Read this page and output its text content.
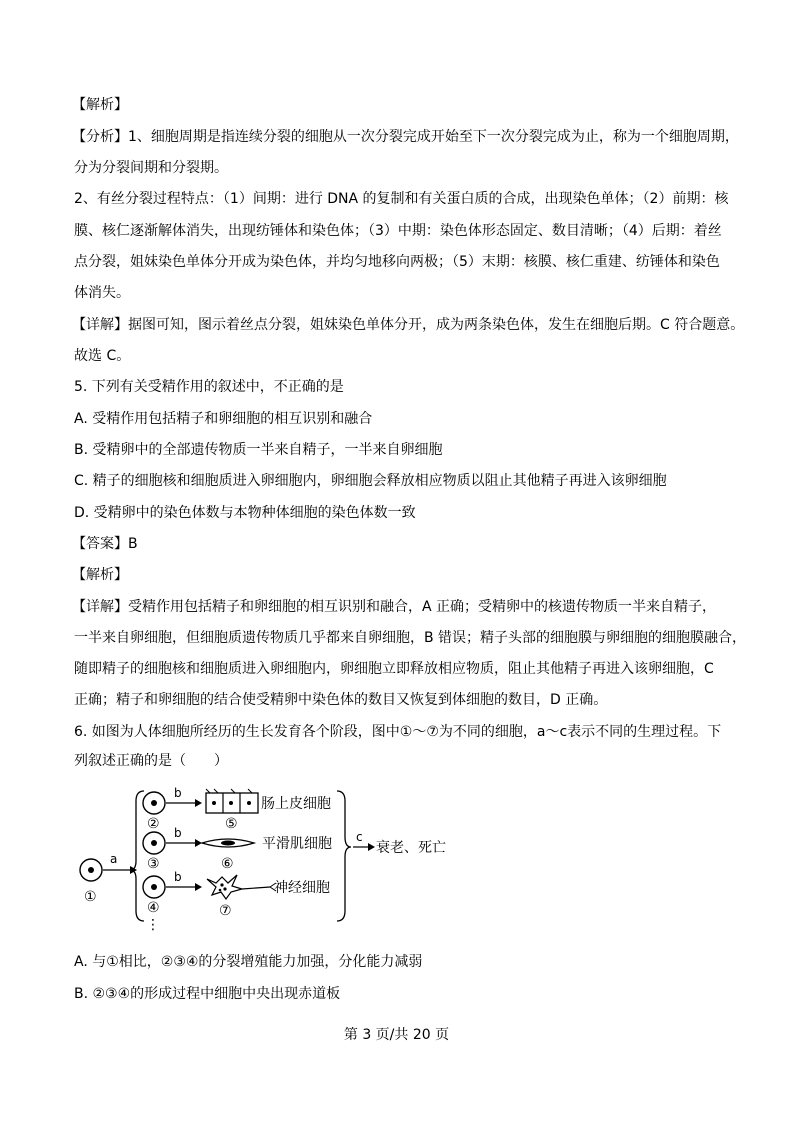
【解析】
【分析】1、细胞周期是指连续分裂的细胞从一次分裂完成开始至下一次分裂完成为止，称为一个细胞周期，
分为分裂间期和分裂期。
2、有丝分裂过程特点：（1）间期：进行 DNA 的复制和有关蛋白质的合成，出现染色单体；（2）前期：核
膜、核仁逐渐解体消失，出现纺锤体和染色体；（3）中期：染色体形态固定、数目清晰；（4）后期：着丝
点分裂，姐妹染色单体分开成为染色体，并均匀地移向两极；（5）末期：核膜、核仁重建、纺锤体和染色
体消失。
【详解】据图可知，图示着丝点分裂，姐妹染色单体分开，成为两条染色体，发生在细胞后期。C 符合题意。
故选 C。
5. 下列有关受精作用的叙述中，不正确的是
A. 受精作用包括精子和卵细胞的相互识别和融合
B. 受精卵中的全部遗传物质一半来自精子，一半来自卵细胞
C. 精子的细胞核和细胞质进入卵细胞内，卵细胞会释放相应物质以阻止其他精子再进入该卵细胞
D. 受精卵中的染色体数与本物种体细胞的染色体数一致
【答案】B
【解析】
【详解】受精作用包括精子和卵细胞的相互识别和融合，A 正确；受精卵中的核遗传物质一半来自精子，
一半来自卵细胞，但细胞质遗传物质几乎都来自卵细胞，B 错误；精子头部的细胞膜与卵细胞的细胞膜融合，
随即精子的细胞核和细胞质进入卵细胞内，卵细胞立即释放相应物质，阻止其他精子再进入该卵细胞，C
正确；精子和卵细胞的结合使受精卵中染色体的数目又恢复到体细胞的数目，D 正确。
6. 如图为人体细胞所经历的生长发育各个阶段，图中①～⑦为不同的细胞，a～c表示不同的生理过程。下
列叙述正确的是（　　）
①
a
②
b
肠上皮细胞
⑤
③
b
平滑肌细胞
⑥
④
b
神经细胞
⑦
⋮
c
衰老、死亡
A. 与①相比，②③④的分裂增殖能力加强，分化能力减弱
B. ②③④的形成过程中细胞中央出现赤道板
第 3 页/共 20 页
